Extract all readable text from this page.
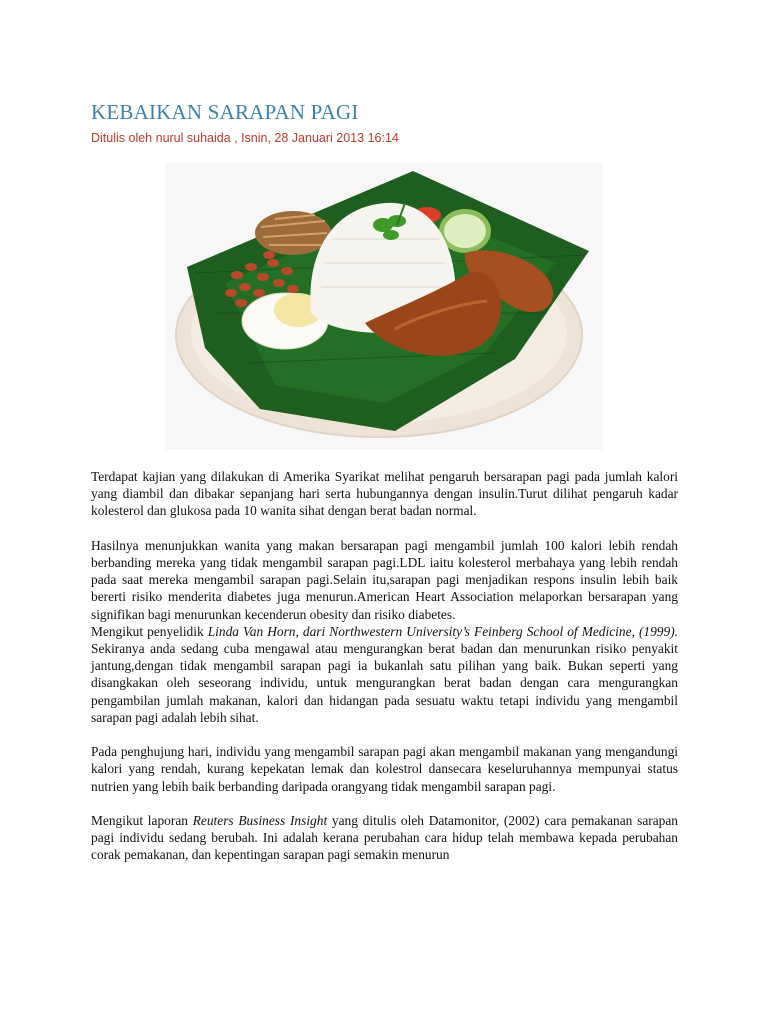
KEBAIKAN SARAPAN PAGI
Ditulis oleh nurul suhaida , Isnin, 28 Januari 2013 16:14

Terdapat kajian yang dilakukan di Amerika Syarikat melihat pengaruh bersarapan pagi pada jumlah kalori yang diambil dan dibakar sepanjang hari serta hubungannya dengan insulin.Turut dilihat pengaruh kadar kolesterol dan glukosa pada 10 wanita sihat dengan berat badan normal.

Hasilnya menunjukkan wanita yang makan bersarapan pagi mengambil jumlah 100 kalori lebih rendah berbanding mereka yang tidak mengambil sarapan pagi.LDL iaitu kolesterol merbahaya yang lebih rendah pada saat mereka mengambil sarapan pagi.Selain itu,sarapan pagi menjadikan respons insulin lebih baik bererti risiko menderita diabetes juga menurun.American Heart Association melaporkan bersarapan yang signifikan bagi menurunkan kecenderun obesity dan risiko diabetes.

Mengikut penyelidik Linda Van Horn, dari Northwestern University’s Feinberg School of Medicine, (1999). Sekiranya anda sedang cuba mengawal atau mengurangkan berat badan dan menurunkan risiko penyakit jantung,dengan tidak mengambil sarapan pagi ia bukanlah satu pilihan yang baik. Bukan seperti yang disangkakan oleh seseorang individu, untuk mengurangkan berat badan dengan cara mengurangkan pengambilan jumlah makanan, kalori dan hidangan pada sesuatu waktu tetapi individu yang mengambil sarapan pagi adalah lebih sihat.

Pada penghujung hari, individu yang mengambil sarapan pagi akan mengambil makanan yang mengandungi kalori yang rendah, kurang kepekatan lemak dan kolestrol dansecara keseluruhannya mempunyai status nutrien yang lebih baik berbanding daripada orangyang tidak mengambil sarapan pagi.

Mengikut laporan Reuters Business Insight yang ditulis oleh Datamonitor, (2002) cara pemakanan sarapan pagi individu sedang berubah. Ini adalah kerana perubahan cara hidup telah membawa kepada perubahan corak pemakanan, dan kepentingan sarapan pagi semakin menurun
